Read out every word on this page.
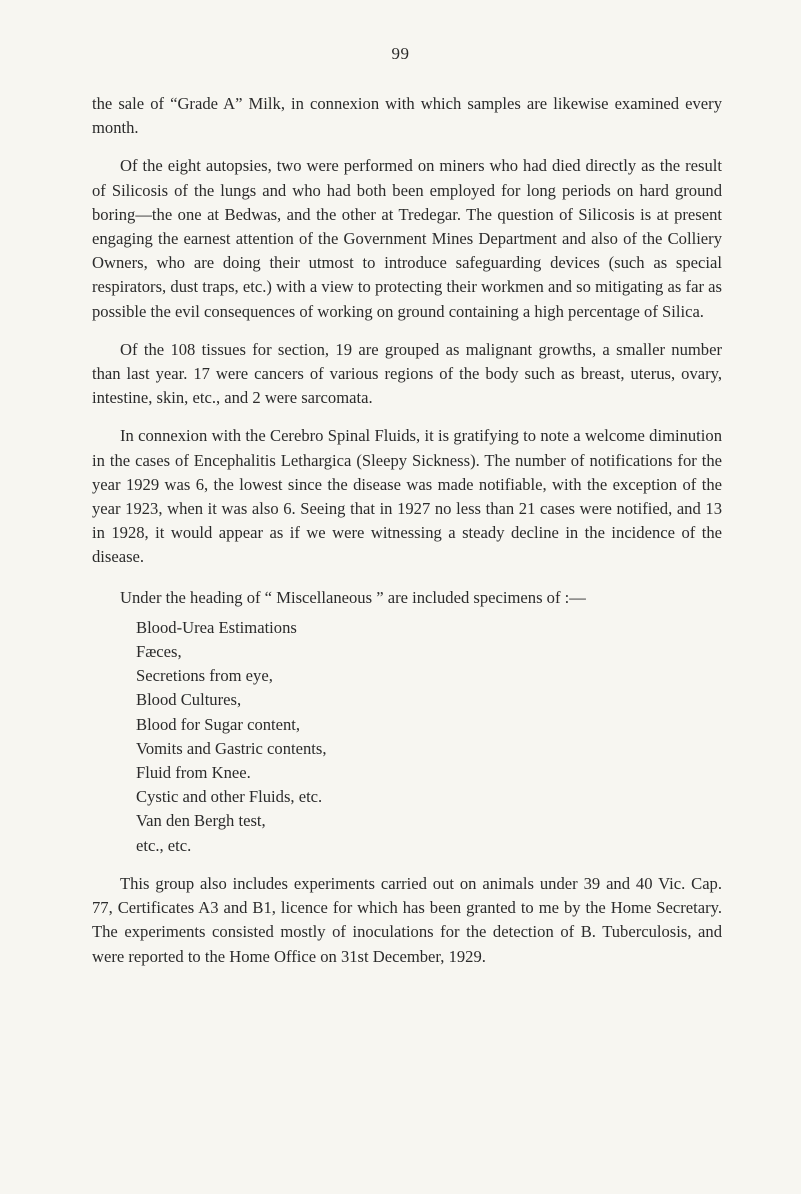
99

the sale of “Grade A” Milk, in connexion with which samples are likewise examined every month.

Of the eight autopsies, two were performed on miners who had died directly as the result of Silicosis of the lungs and who had both been employed for long periods on hard ground boring—the one at Bedwas, and the other at Tredegar. The question of Silicosis is at present engaging the earnest attention of the Government Mines Department and also of the Colliery Owners, who are doing their utmost to introduce safeguarding devices (such as special respirators, dust traps, etc.) with a view to protecting their workmen and so mitigating as far as possible the evil consequences of working on ground containing a high percentage of Silica.

Of the 108 tissues for section, 19 are grouped as malignant growths, a smaller number than last year. 17 were cancers of various regions of the body such as breast, uterus, ovary, intestine, skin, etc., and 2 were sarcomata.

In connexion with the Cerebro Spinal Fluids, it is gratifying to note a welcome diminution in the cases of Encephalitis Lethargica (Sleepy Sickness). The number of notifications for the year 1929 was 6, the lowest since the disease was made notifiable, with the exception of the year 1923, when it was also 6. Seeing that in 1927 no less than 21 cases were notified, and 13 in 1928, it would appear as if we were witnessing a steady decline in the incidence of the disease.

Under the heading of “ Miscellaneous ” are included specimens of :—

Blood-Urea Estimations
Fæces,
Secretions from eye,
Blood Cultures,
Blood for Sugar content,
Vomits and Gastric contents,
Fluid from Knee.
Cystic and other Fluids, etc.
Van den Bergh test,
etc., etc.

This group also includes experiments carried out on animals under 39 and 40 Vic. Cap. 77, Certificates A3 and B1, licence for which has been granted to me by the Home Secretary. The experiments consisted mostly of inoculations for the detection of B. Tuberculosis, and were reported to the Home Office on 31st December, 1929.
